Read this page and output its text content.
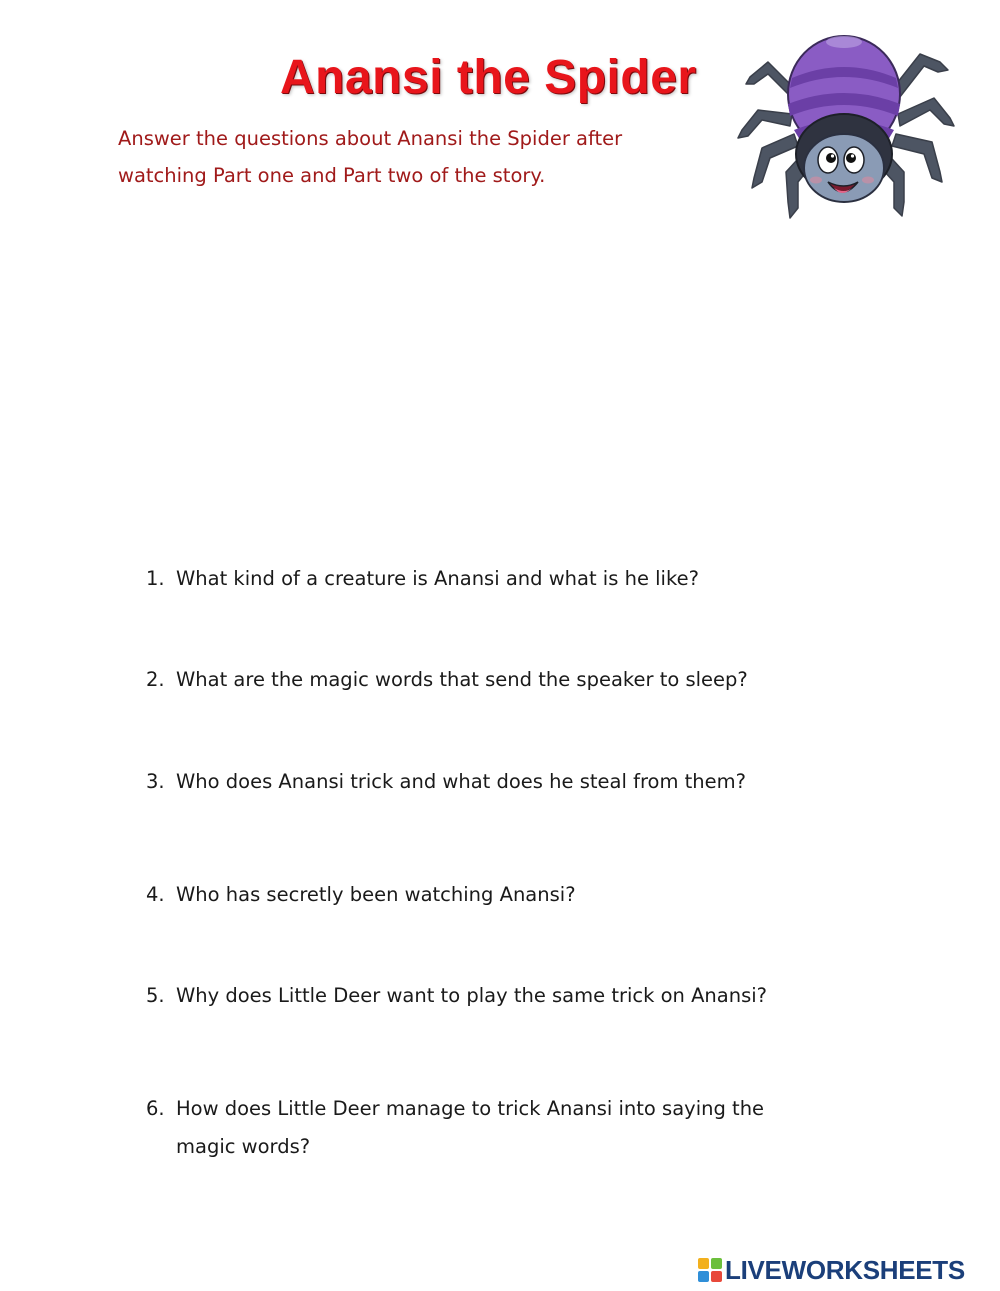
Anansi the Spider
Answer the questions about Anansi the Spider after
watching Part one and Part two of the story.
1. What kind of a creature is Anansi and what is he like?
2. What are the magic words that send the speaker to sleep?
3. Who does Anansi trick and what does he steal from them?
4. Who has secretly been watching Anansi?
5. Why does Little Deer want to play the same trick on Anansi?
6. How does Little Deer manage to trick Anansi into saying the
magic words?
LIVEWORKSHEETS
